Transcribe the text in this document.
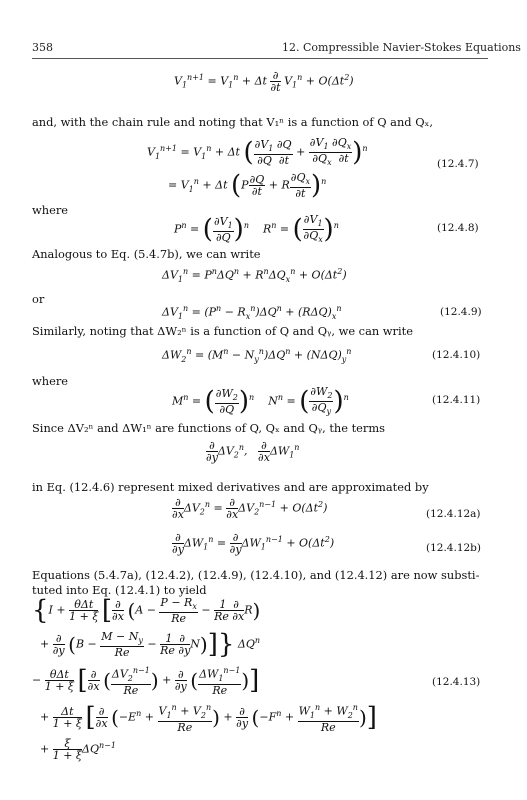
358	12. Compressible Navier-Stokes Equations
$V_1^{n+1} = V_1^n + \Delta t \frac{\partial}{\partial t} V_1^n + O(\Delta t^2)$
and, with the chain rule and noting that V₁ⁿ is a function of Q and Qₓ,
$V_1^{n+1} = V_1^n + \Delta t$ ( $\frac{\partial V_1 \partial Q}{\partial Q \partial t} + \frac{\partial V_1 \partial Q_x}{\partial Q_x \partial t} )^n$
= $V_1^n + \Delta t$ $(P \frac{\partial Q}{\partial t} + R \frac{\partial Q_x}{\partial t} )^n$
(12.4.7)
where
$P^n$ = ( $\frac{\partial V_1}{\partial Q} )^n$    $R^n$ = ( $\frac{\partial V_1}{\partial Q_x} )^n$	(12.4.8)
Analogous to Eq. (5.4.7b), we can write
$\Delta V_1^n = P^n\Delta Q^n + R^n\Delta Q_x^n + O(\Delta t^2)$
or
$\Delta V_1^n = (P^n - R_x^n)\Delta Q^n + (R\Delta Q)_x^n$	(12.4.9)
Similarly, noting that ΔW₂ⁿ is a function of Q and Qᵧ, we can write
$\Delta W_2^n = (M^n - N_y^n)\Delta Q^n + (N\Delta Q)_y^n$	(12.4.10)
where
$M^n$ = ( $\frac{\partial W_2}{\partial Q} )^n$    $N^n$ = ( $\frac{\partial W_2}{\partial Q_y} )^n$	(12.4.11)
Since ΔV₂ⁿ and ΔW₁ⁿ are functions of Q, Qₓ and Qᵧ, the terms
$\frac{\partial}{\partial y} \Delta V_2^n$, $\frac{\partial}{\partial x} \Delta W_1^n$
in Eq. (12.4.6) represent mixed derivatives and are approximated by
$\frac{\partial}{\partial x} \Delta V_2^n = \frac{\partial}{\partial x} \Delta V_2^{n-1} + O(\Delta t^2)$	(12.4.12a)
$\frac{\partial}{\partial y} \Delta W_1^n = \frac{\partial}{\partial y} \Delta W_1^{n-1} + O(\Delta t^2)$	(12.4.12b)
Equations (5.4.7a), (12.4.2), (12.4.9), (12.4.10), and (12.4.12) are now substi-
tuted into Eq. (12.4.1) to yield
{$I + \frac{\text{θΔt}}{1 + \xi}$ [ $\frac{\partial}{\partial x} (A - \frac{P - R_x}{Re} - \frac{1 \partial}{Re \partial x} R)$
+ $\frac{\partial}{\partial y} (B - \frac{M - N_y}{Re} - \frac{1 \partial}{Re \partial y} N)$]} $\Delta Q^n$
− $\frac{\text{θΔt}}{1 + \xi}$ [ $\frac{\partial}{\partial x}$ ( $\frac{\Delta V_2^{n-1}}{Re}$ ) + $\frac{\partial}{\partial y}$ ( $\frac{\Delta W_1^{n-1}}{Re}$ )]
+ $\frac{\Delta t}{1 + \xi}$ [ $\frac{\partial}{\partial x} (-E^n + \frac{V_1^n + V_2^n}{Re}$ ) + $\frac{\partial}{\partial y} (-F^n + \frac{W_1^n + W_2^n}{Re}$ )]
+ $\frac{\xi}{1 + \xi} \Delta Q^{n-1}$
(12.4.13)
